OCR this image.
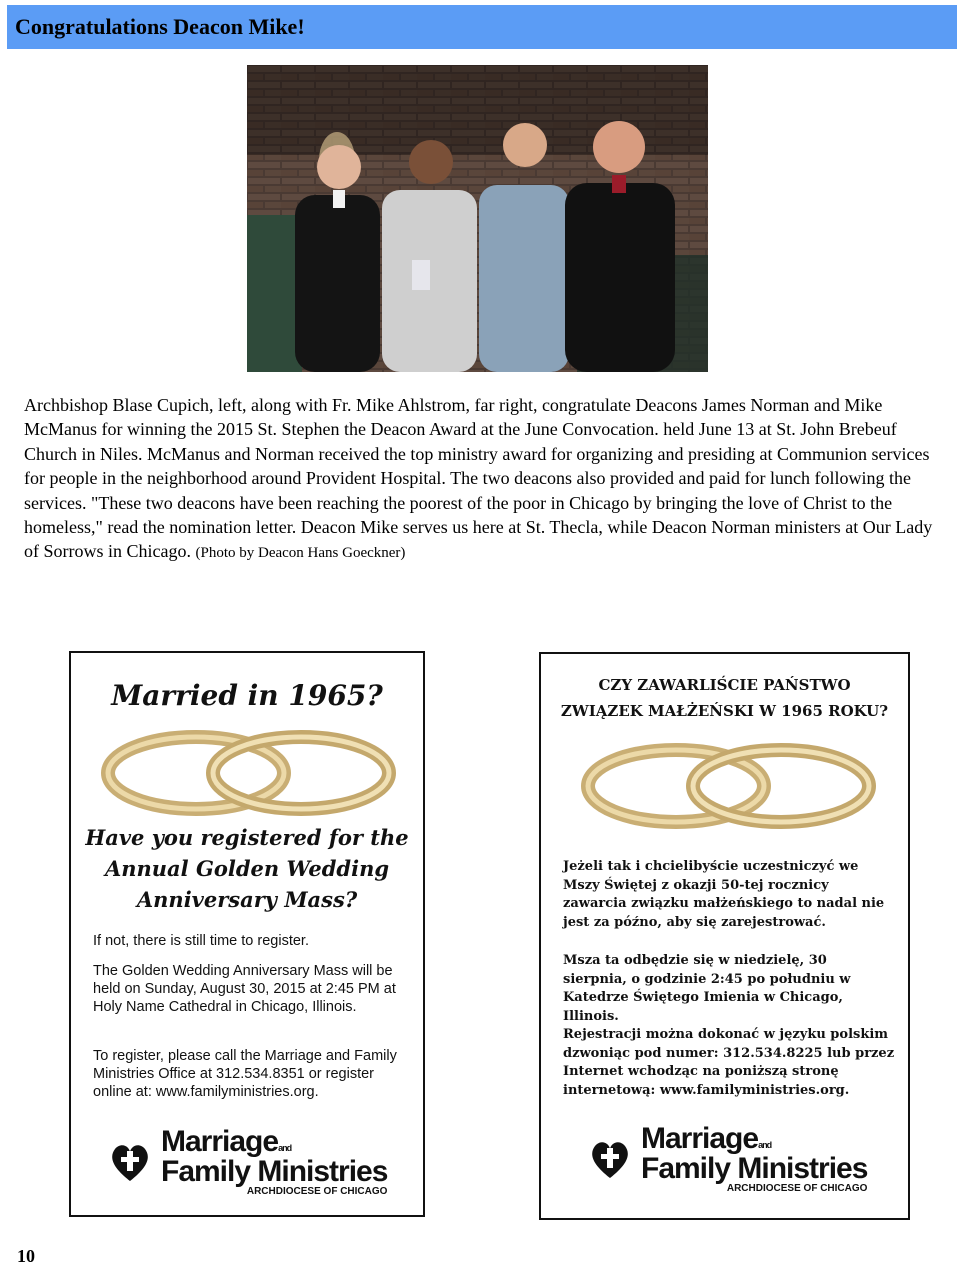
Congratulations Deacon Mike!

Archbishop Blase Cupich, left, along with Fr. Mike Ahlstrom, far right, congratulate Deacons James Norman and Mike McManus for winning the 2015 St. Stephen the Deacon Award at the June Convocation. held June 13 at St. John Brebeuf Church in Niles. McManus and Norman received the top ministry award for organizing and presiding at Communion services for people in the neighborhood around Provident Hospital. The two deacons also provided and paid for lunch following the services. "These two deacons have been reaching the poorest of the poor in Chicago by bringing the love of Christ to the homeless," read the nomination letter. Deacon Mike serves us here at St. Thecla, while Deacon Norman ministers at Our Lady of Sorrows in Chicago. (Photo by Deacon Hans Goeckner)

Married in 1965?
Have you registered for the
Annual Golden Wedding
Anniversary Mass?

If not, there is still time to register.

The Golden Wedding Anniversary Mass will be held on Sunday, August 30, 2015 at 2:45 PM at Holy Name Cathedral in Chicago, Illinois.

To register, please call the Marriage and Family Ministries Office at 312.534.8351 or register online at: www.familyministries.org.

Marriageand
Family Ministries
ARCHDIOCESE OF CHICAGO
CZY ZAWARLIŚCIE PAŃSTWO
ZWIĄZEK MAŁŻEŃSKI W 1965 ROKU?

Jeżeli tak i chcielibyście uczestniczyć we Mszy Świętej z okazji 50-tej rocznicy zawarcia związku małżeńskiego to nadal nie jest za późno, aby się zarejestrować.

Msza ta odbędzie się w niedzielę, 30 sierpnia, o godzinie 2:45 po południu w Katedrze Świętego Imienia w Chicago, Illinois.

Rejestracji można dokonać w języku polskim dzwoniąc pod numer: 312.534.8225 lub przez Internet wchodząc na poniższą stronę internetową: www.familyministries.org.

Marriageand
Family Ministries
ARCHDIOCESE OF CHICAGO
10
